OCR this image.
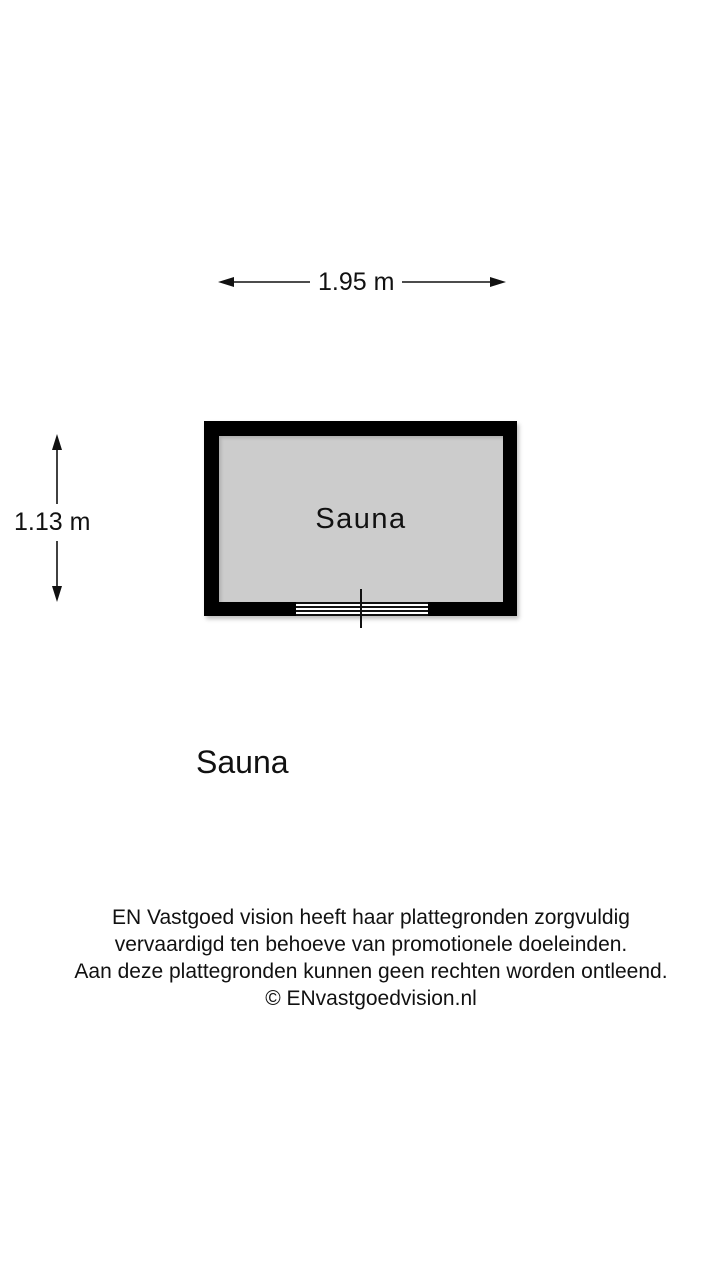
1.95 m
1.13 m	Sauna
Sauna
EN Vastgoed vision heeft haar plattegronden zorgvuldig
vervaardigd ten behoeve van promotionele doeleinden.
Aan deze plattegronden kunnen geen rechten worden ontleend.
© ENvastgoedvision.nl
